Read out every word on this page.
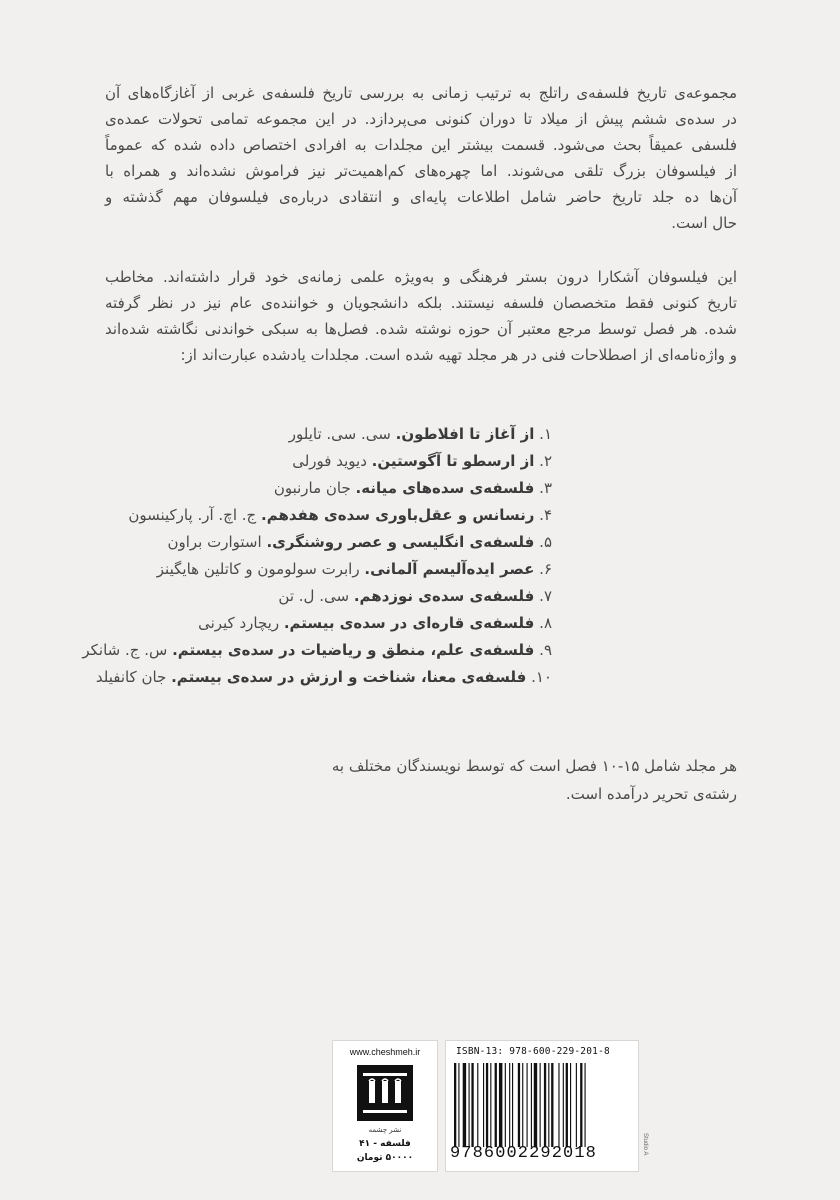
مجموعه‌ی تاریخ فلسفه‌ی راتلج به ترتیب زمانی به بررسی تاریخ فلسفه‌ی غربی از آغازگاه‌های آن
در سده‌ی ششم پیش از میلاد تا دوران کنونی می‌پردازد. در این مجموعه تمامی تحولات عمده‌ی
فلسفی عمیقاً بحث می‌شود. قسمت بیشتر این مجلدات به افرادی اختصاص داده شده که عموماً
از فیلسوفان بزرگ تلقی می‌شوند. اما چهره‌های کم‌اهمیت‌تر نیز فراموش نشده‌اند و همراه با
آن‌ها ده جلد تاریخ حاضر شامل اطلاعات پایه‌ای و انتقادی درباره‌ی فیلسوفان مهم گذشته و
حال است.
این فیلسوفان آشکارا درون بستر فرهنگی و به‌ویژه علمی زمانه‌ی خود قرار داشته‌اند. مخاطب
تاریخ کنونی فقط متخصصان فلسفه نیستند. بلکه دانشجویان و خواننده‌ی عام نیز در نظر گرفته
شده. هر فصل توسط مرجع معتبر آن حوزه نوشته شده. فصل‌ها به سبکی خواندنی نگاشته شده‌اند
و واژه‌نامه‌ای از اصطلاحات فنی در هر مجلد تهیه شده است. مجلدات یادشده عبارت‌اند از:
۱. از آغاز تا افلاطون. سی. سی. تایلور
۲. از ارسطو تا آگوستین. دیوید فورلی
۳. فلسفه‌ی سده‌های میانه. جان مارنبون
۴. رنسانس و عقل‌باوری سده‌ی هفدهم. ج. اچ. آر. پارکینسون
۵. فلسفه‌ی انگلیسی و عصر روشنگری. استوارت براون
۶. عصر ایده‌آلیسم آلمانی. رابرت سولومون و کاتلین هایگینز
۷. فلسفه‌ی سده‌ی نوزدهم. سی. ل. تن
۸. فلسفه‌ی قاره‌ای در سده‌ی بیستم. ریچارد کیرنی
۹. فلسفه‌ی علم، منطق و ریاضیات در سده‌ی بیستم. س. ج. شانکر
۱۰. فلسفه‌ی معنا، شناخت و ارزش در سده‌ی بیستم. جان کانفیلد
هر مجلد شامل ۱۵-۱۰ فصل است که توسط نویسندگان مختلف به
رشته‌ی تحریر درآمده است.
www.cheshmeh.ir
نشر چشمه
فلسفه - ۴۱
۵۰۰۰۰ تومان
ISBN-13: 978-600-229-201-8
9786002292018	Studio A
